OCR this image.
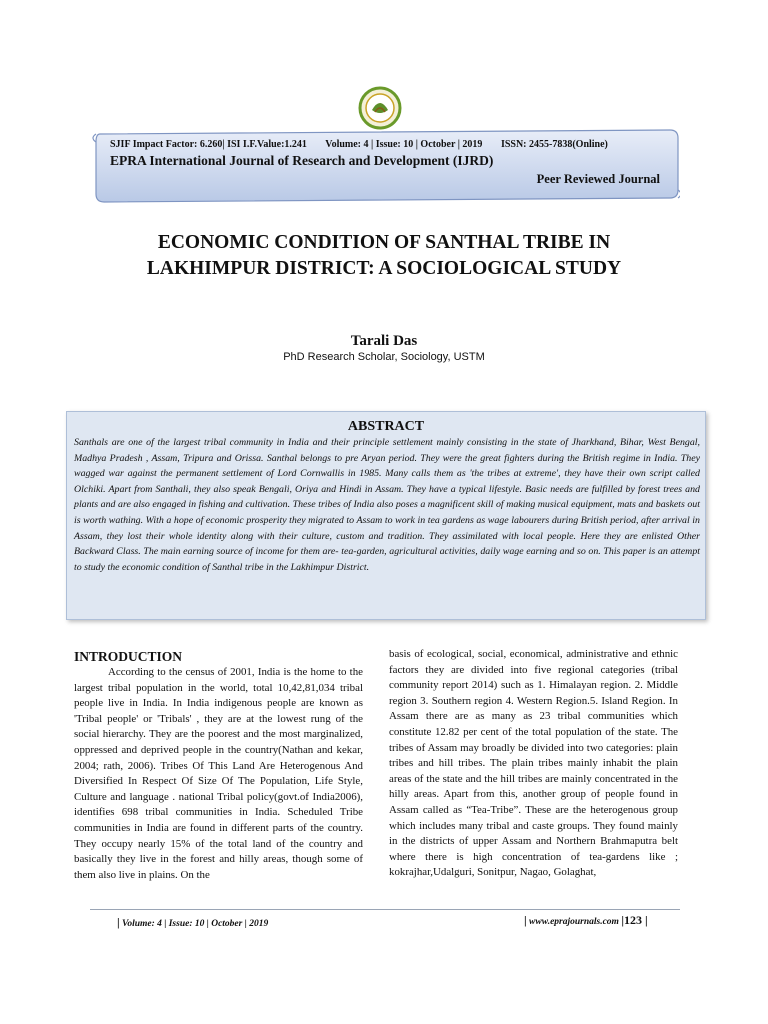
SJIF Impact Factor: 6.260| ISI I.F.Value:1.241 Volume: 4 | Issue: 10 | October | 2019 ISSN: 2455-7838(Online)
EPRA International Journal of Research and Development (IJRD)
Peer Reviewed Journal
ECONOMIC CONDITION OF SANTHAL TRIBE IN
LAKHIMPUR DISTRICT: A SOCIOLOGICAL STUDY
Tarali Das
PhD Research Scholar, Sociology, USTM
ABSTRACT
Santhals are one of the largest tribal community in India and their principle settlement mainly consisting in the state of Jharkhand, Bihar, West Bengal, Madhya Pradesh , Assam, Tripura and Orissa. Santhal belongs to pre Aryan period. They were the great fighters during the British regime in India. They wagged war against the permanent settlement of Lord Cornwallis in 1985. Many calls them as 'the tribes at extreme', they have their own script called Olchiki. Apart from Santhali, they also speak Bengali, Oriya and Hindi in Assam. They have a typical lifestyle. Basic needs are fulfilled by forest trees and plants and are also engaged in fishing and cultivation. These tribes of India also poses a magnificent skill of making musical equipment, mats and baskets out is worth wathing. With a hope of economic prosperity they migrated to Assam to work in tea gardens as wage labourers during British period, after arrival in Assam, they lost their whole identity along with their culture, custom and tradition. They assimilated with local people. Here they are enlisted Other Backward Class. The main earning source of income for them are- tea-garden, agricultural activities, daily wage earning and so on. This paper is an attempt to study the economic condition of Santhal tribe in the Lakhimpur District.
INTRODUCTION
According to the census of 2001, India is the home to the largest tribal population in the world, total 10,42,81,034 tribal people live in India. In India indigenous people are known as 'Tribal people' or 'Tribals' , they are at the lowest rung of the social hierarchy. They are the poorest and the most marginalized, oppressed and deprived people in the country(Nathan and kekar, 2004; rath, 2006). Tribes Of This Land Are Heterogenous And Diversified In Respect Of Size Of The Population, Life Style, Culture and language . national Tribal policy(govt.of India2006), identifies 698 tribal communities in India. Scheduled Tribe communities in India are found in different parts of the country. They occupy nearly 15% of the total land of the country and basically they live in the forest and hilly areas, though some of them also live in plains. On the
basis of ecological, social, economical, administrative and ethnic factors they are divided into five regional categories (tribal community report 2014) such as 1. Himalayan region. 2. Middle region 3. Southern region 4. Western Region.5. Island Region. In Assam there are as many as 23 tribal communities which constitute 12.82 per cent of the total population of the state. The tribes of Assam may broadly be divided into two categories: plain tribes and hill tribes. The plain tribes mainly inhabit the plain areas of the state and the hill tribes are mainly concentrated in the hilly areas. Apart from this, another group of people found in Assam called as “Tea-Tribe”. These are the heterogenous group which includes many tribal and caste groups. They found mainly in the districts of upper Assam and Northern Brahmaputra belt where there is high concentration of tea-gardens like ; kokrajhar,Udalguri, Sonitpur, Nagao, Golaghat,
| Volume: 4 | Issue: 10 | October | 2019	| www.eprajournals.com |123 |
